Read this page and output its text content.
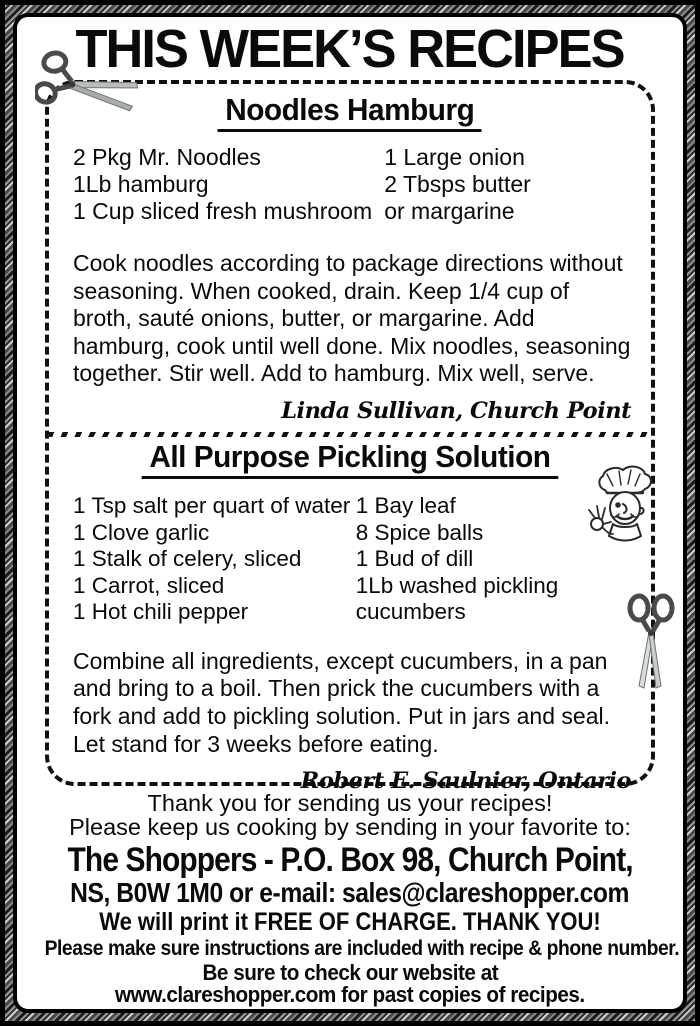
THIS WEEK’S RECIPES
Noodles Hamburg
2 Pkg Mr. Noodles
1Lb hamburg
1 Cup sliced fresh mushroom
1 Large onion
2 Tbsps butter
or margarine

Cook noodles according to package directions without seasoning. When cooked, drain. Keep 1/4 cup of broth, sauté onions, butter, or margarine. Add hamburg, cook until well done. Mix noodles, seasoning together. Stir well. Add to hamburg. Mix well, serve.

Linda Sullivan, Church Point
All Purpose Pickling Solution
1 Tsp salt per quart of water
1 Clove garlic
1 Stalk of celery, sliced
1 Carrot, sliced
1 Hot chili pepper
1 Bay leaf
8 Spice balls
1 Bud of dill
1Lb washed pickling cucumbers

Combine all ingredients, except cucumbers, in a pan and bring to a boil. Then prick the cucumbers with a fork and add to pickling solution. Put in jars and seal. Let stand for 3 weeks before eating.

Robert E. Saulnier, Ontario
Thank you for sending us your recipes!
Please keep us cooking by sending in your favorite to:
The Shoppers - P.O. Box 98, Church Point,
NS, B0W 1M0 or e-mail: sales@clareshopper.com
We will print it FREE OF CHARGE. THANK YOU!
Please make sure instructions are included with recipe & phone number.
Be sure to check our website at
www.clareshopper.com for past copies of recipes.
